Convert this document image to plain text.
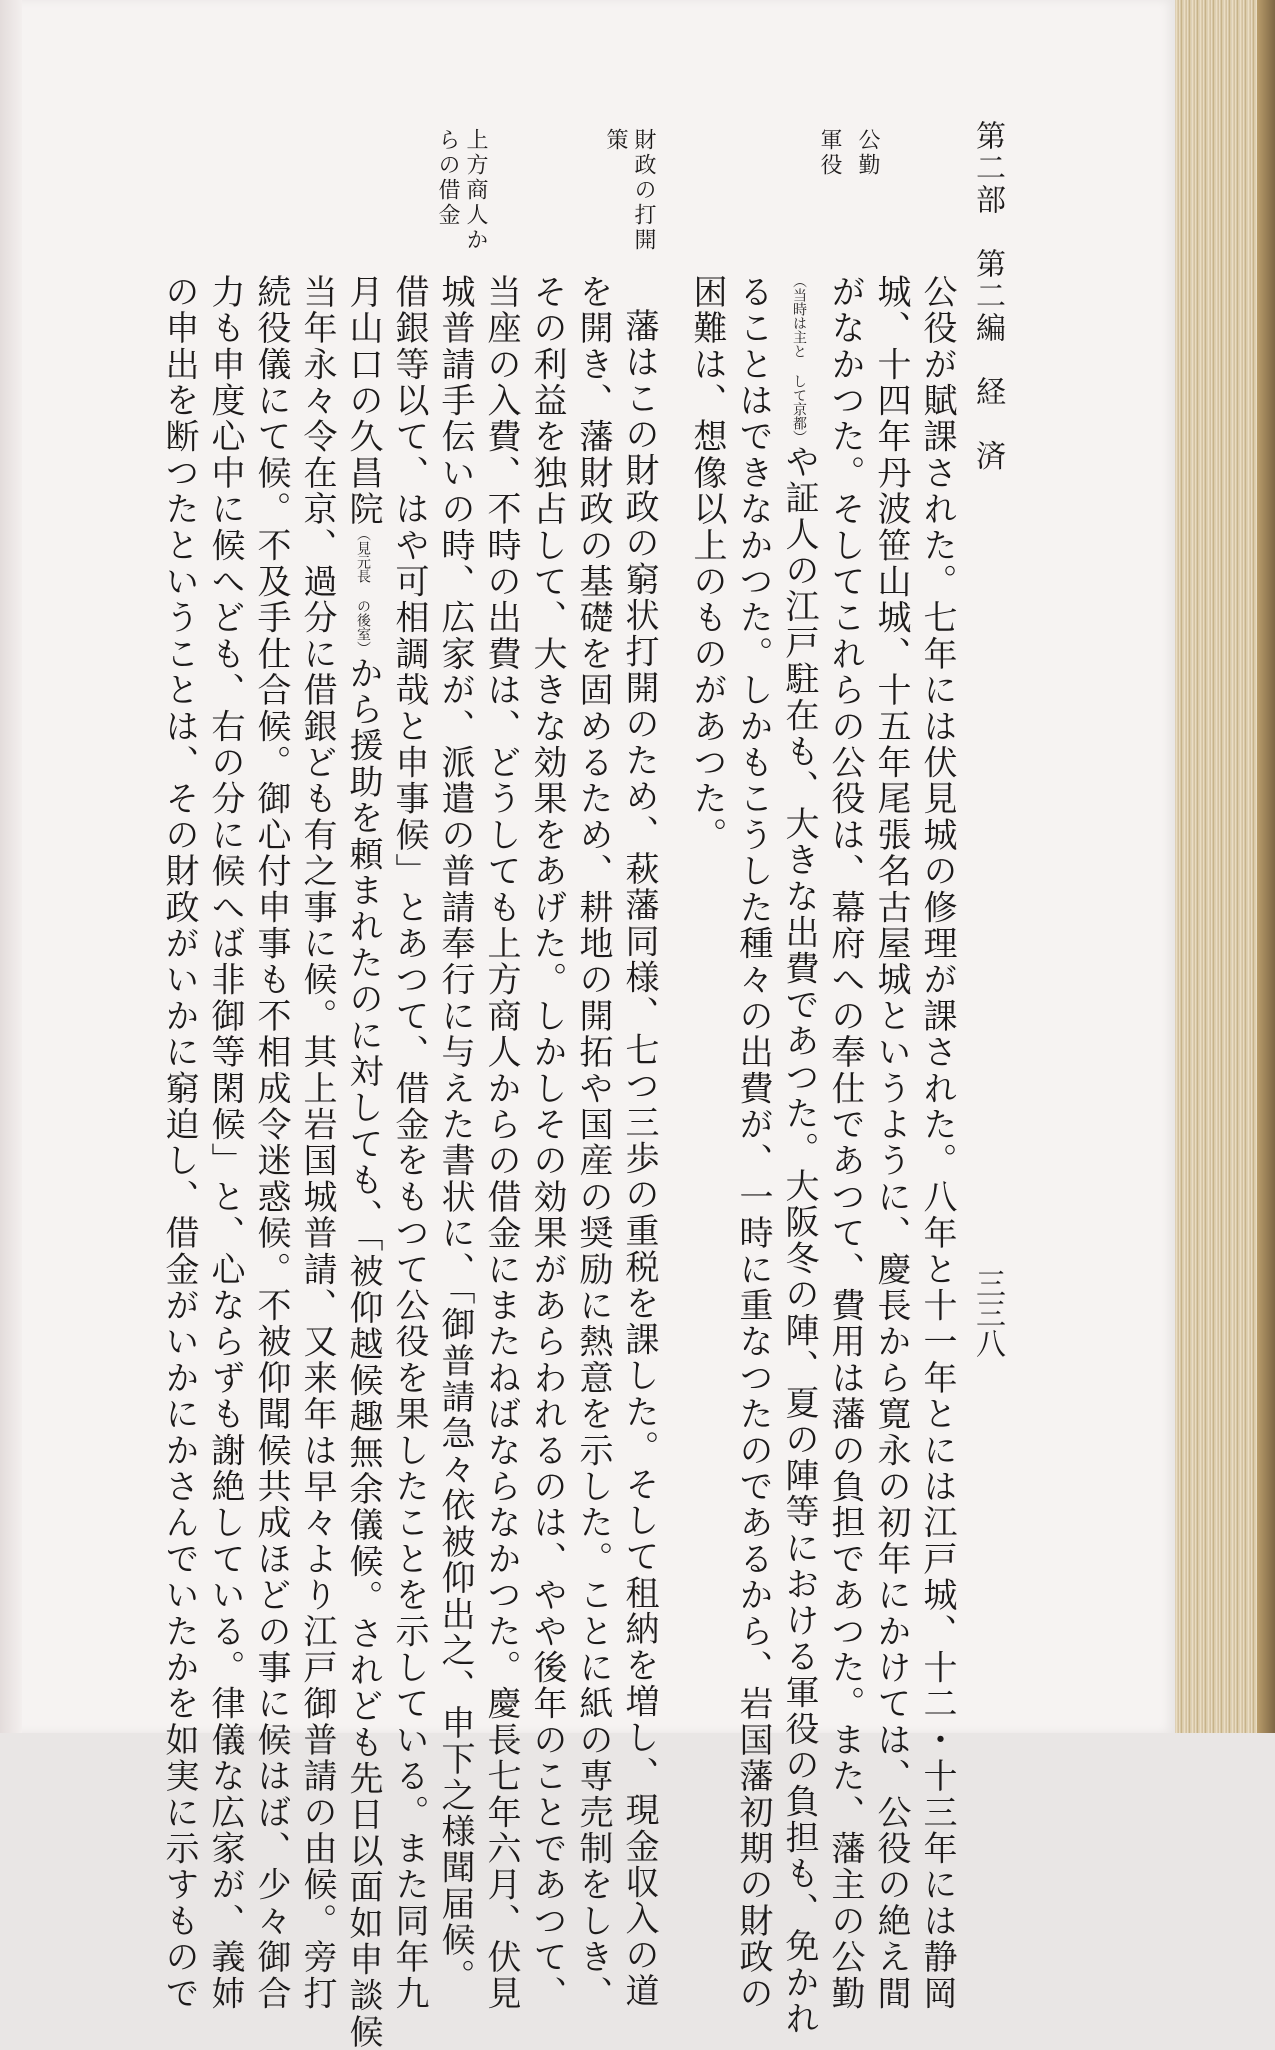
第二部　第二編　経　済
三三八
公勤
軍役
財政の打開
策
上方商人か
らの借金
公役が賦課された。七年には伏見城の修理が課された。八年と十一年とには江戸城、十二・十三年には静岡
城、十四年丹波笹山城、十五年尾張名古屋城というように、慶長から寛永の初年にかけては、公役の絶え間
がなかつた。そしてこれらの公役は、幕府への奉仕であつて、費用は藩の負担であつた。また、藩主の公勤
（当時は主と して京都）や証人の江戸駐在も、大きな出費であつた。大阪冬の陣、夏の陣等における軍役の負担も、免かれ
ることはできなかつた。しかもこうした種々の出費が、一時に重なつたのであるから、岩国藩初期の財政の
困難は、想像以上のものがあつた。
藩はこの財政の窮状打開のため、萩藩同様、七つ三歩の重税を課した。そして租納を増し、現金収入の道
を開き、藩財政の基礎を固めるため、耕地の開拓や国産の奨励に熱意を示した。ことに紙の専売制をしき、
その利益を独占して、大きな効果をあげた。しかしその効果があらわれるのは、やや後年のことであつて、
当座の入費、不時の出費は、どうしても上方商人からの借金にまたねばならなかつた。慶長七年六月、伏見
城普請手伝いの時、広家が、派遣の普請奉行に与えた書状に、「御普請急々依被仰出之、申下之様聞届候。
借銀等以て、はや可相調哉と申事候」とあつて、借金をもつて公役を果したことを示している。また同年九
月山口の久昌院（見元長 の後室）から援助を頼まれたのに対しても、「被仰越候趣無余儀候。されども先日以面如申談候
当年永々令在京、過分に借銀ども有之事に候。其上岩国城普請、又来年は早々より江戸御普請の由候。旁打
続役儀にて候。不及手仕合候。御心付申事も不相成令迷惑候。不被仰聞候共成ほどの事に候はば、少々御合
力も申度心中に候へども、右の分に候へば非御等閑候」と、心ならずも謝絶している。律儀な広家が、義姉
の申出を断つたということは、その財政がいかに窮迫し、借金がいかにかさんでいたかを如実に示すもので
